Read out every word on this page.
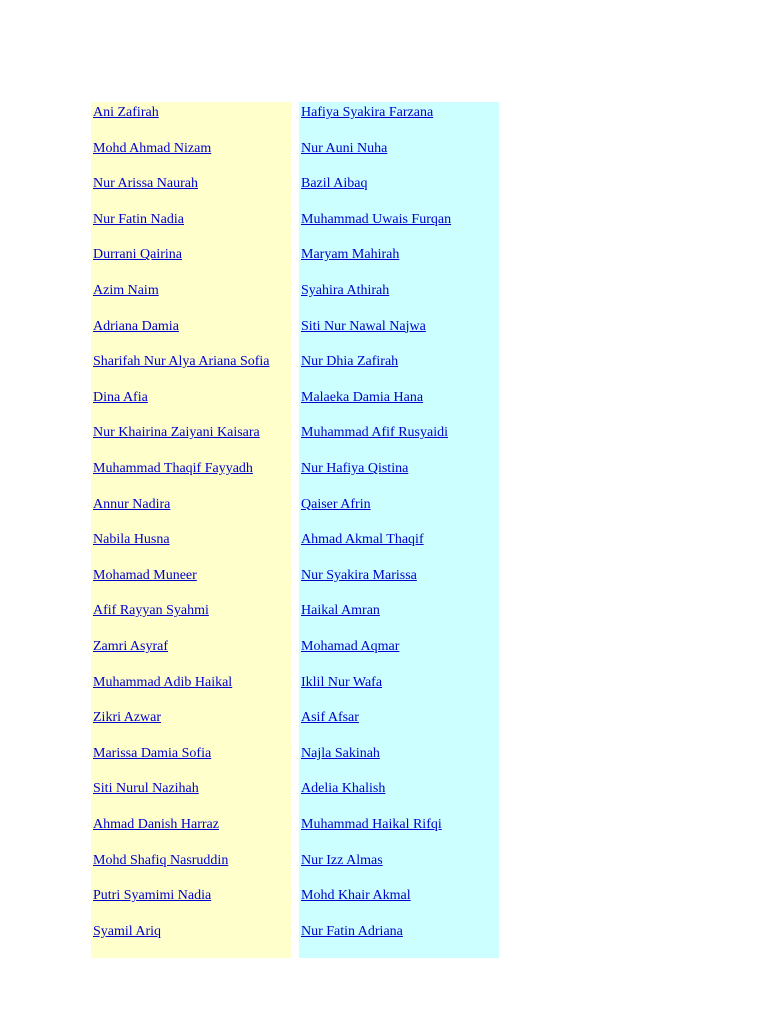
Ani Zafirah
Mohd Ahmad Nizam
Nur Arissa Naurah
Nur Fatin Nadia
Durrani Qairina
Azim Naim
Adriana Damia
Sharifah Nur Alya Ariana Sofia
Dina Afia
Nur Khairina Zaiyani Kaisara
Muhammad Thaqif Fayyadh
Annur Nadira
Nabila Husna
Mohamad Muneer
Afif Rayyan Syahmi
Zamri Asyraf
Muhammad Adib Haikal
Zikri Azwar
Marissa Damia Sofia
Siti Nurul Nazihah
Ahmad Danish Harraz
Mohd Shafiq Nasruddin
Putri Syamimi Nadia
Syamil Ariq
Hafiya Syakira Farzana
Nur Auni Nuha
Bazil Aibaq
Muhammad Uwais Furqan
Maryam Mahirah
Syahira Athirah
Siti Nur Nawal Najwa
Nur Dhia Zafirah
Malaeka Damia Hana
Muhammad Afif Rusyaidi
Nur Hafiya Qistina
Qaiser Afrin
Ahmad Akmal Thaqif
Nur Syakira Marissa
Haikal Amran
Mohamad Aqmar
Iklil Nur Wafa
Asif Afsar
Najla Sakinah
Adelia Khalish
Muhammad Haikal Rifqi
Nur Izz Almas
Mohd Khair Akmal
Nur Fatin Adriana
